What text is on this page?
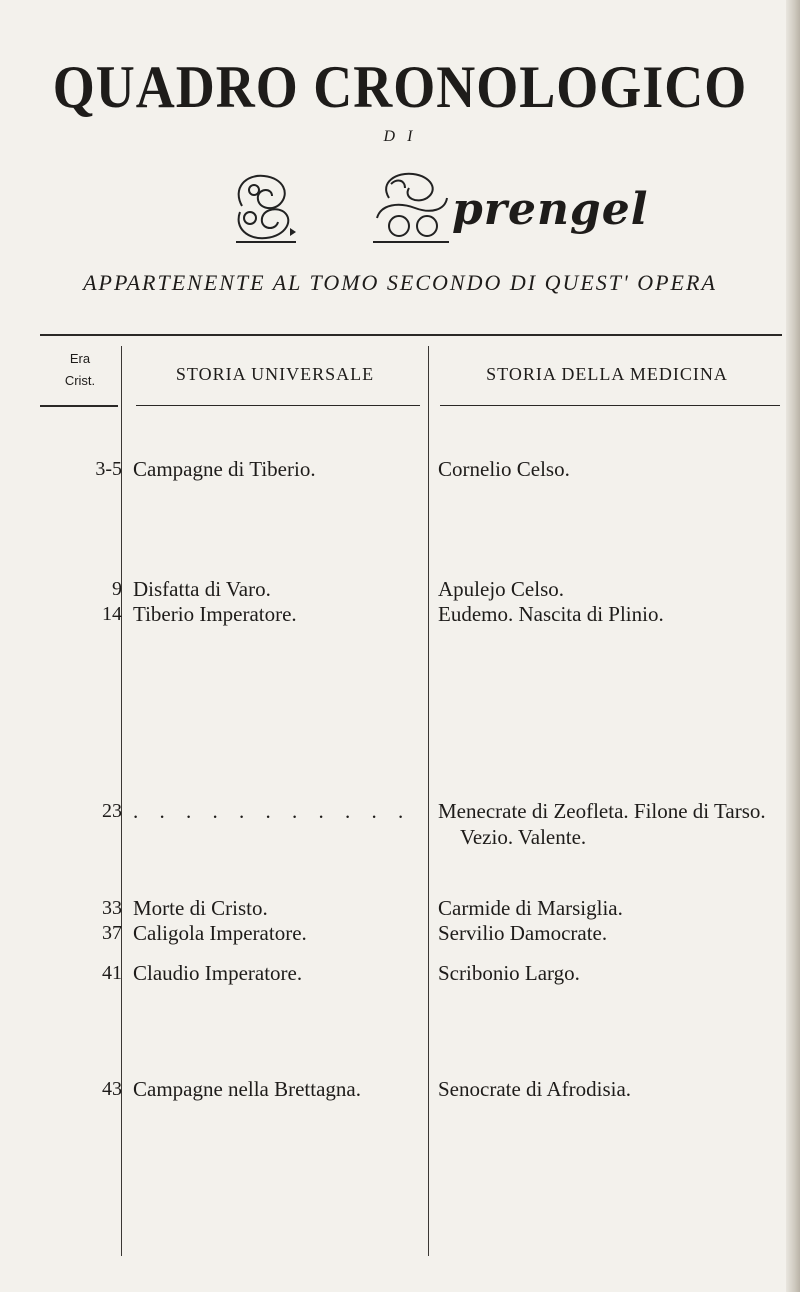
QUADRO CRONOLOGICO
D I
prengel
APPARTENENTE AL TOMO SECONDO DI QUEST' OPERA
Era
Crist.	STORIA UNIVERSALE	STORIA DELLA MEDICINA
3-5 Campagne di Tiberio.	Cornelio Celso.
9 Disfatta di Varo.	Apulejo Celso.
14 Tiberio Imperatore.	Eudemo. Nascita di Plinio.
23 . . . . . . . . . . .	Menecrate di Zeofleta. Filone di Tarso. Vezio. Valente.
33 Morte di Cristo.	Carmide di Marsiglia.
37 Caligola Imperatore.	Servilio Damocrate.
41 Claudio Imperatore.	Scribonio Largo.
43 Campagne nella Brettagna.	Senocrate di Afrodisia.
